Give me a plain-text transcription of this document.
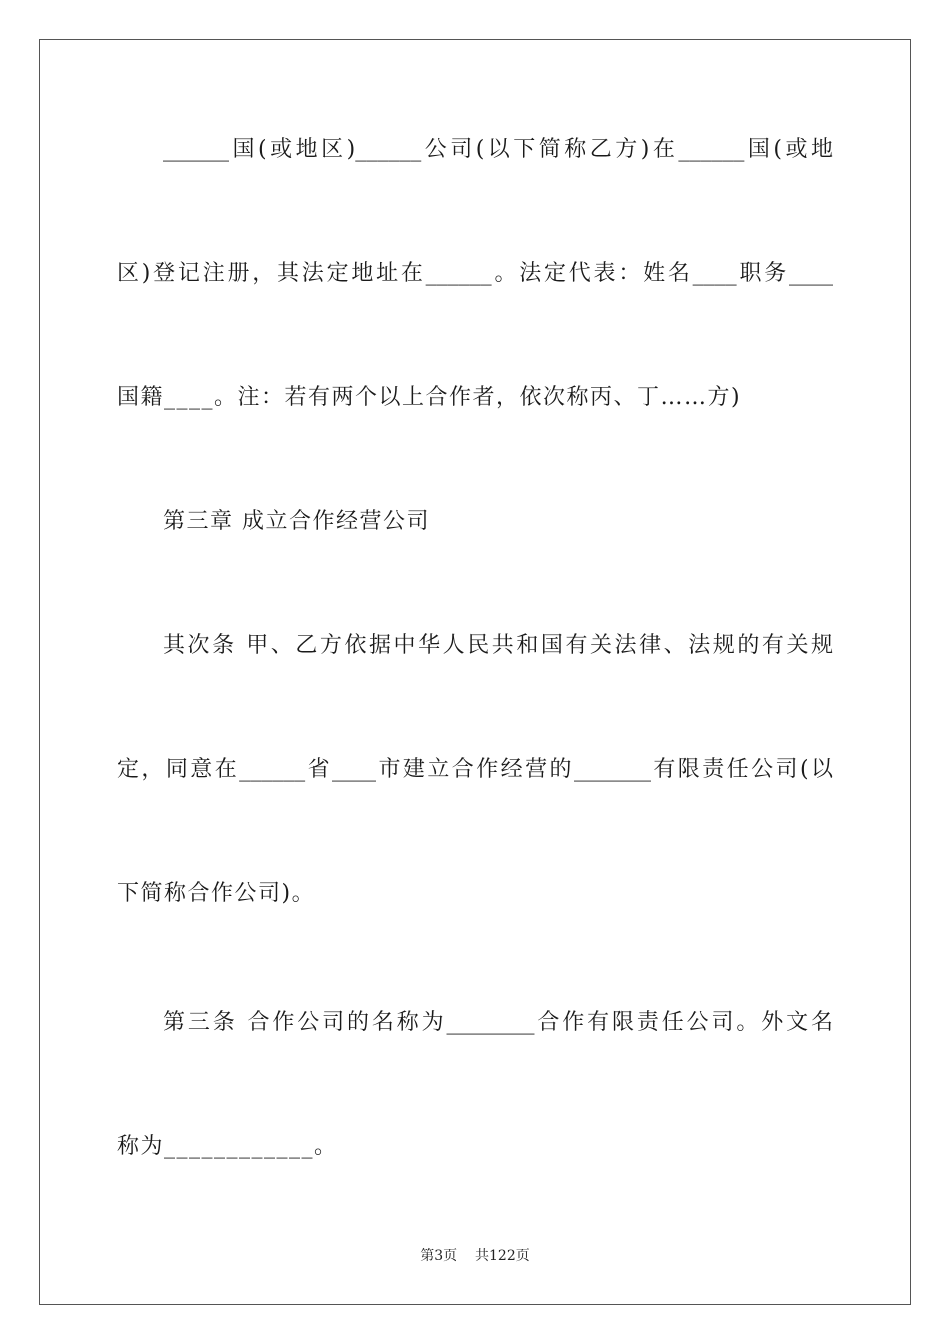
______国(或地区)______公司(以下简称乙方)在______国(或地
区)登记注册，其法定地址在______。法定代表：姓名____职务____
国籍____。注：若有两个以上合作者，依次称丙、丁……方)
第三章 成立合作经营公司
其次条 甲、乙方依据中华人民共和国有关法律、法规的有关规
定，同意在______省____市建立合作经营的_______有限责任公司(以
下简称合作公司)。
第三条 合作公司的名称为________合作有限责任公司。外文名
称为____________。
第3页 共122页
